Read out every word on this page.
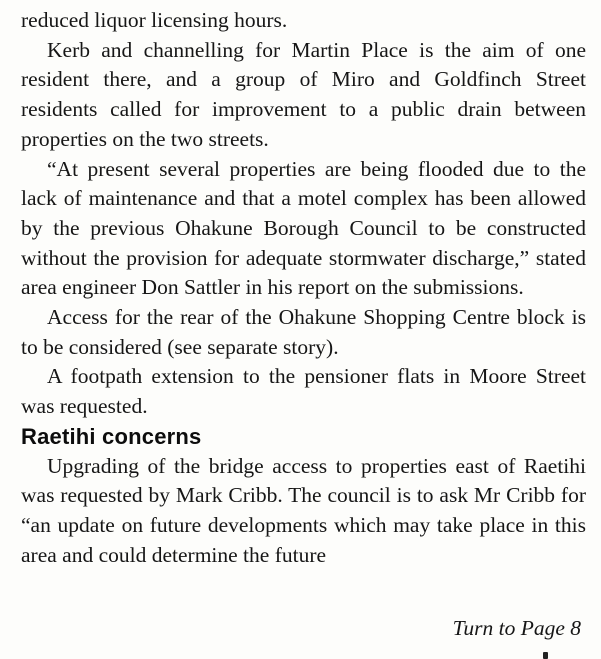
reduced liquor licensing hours.

Kerb and channelling for Martin Place is the aim of one resident there, and a group of Miro and Goldfinch Street residents called for improvement to a public drain between properties on the two streets.

“At present several properties are being flooded due to the lack of maintenance and that a motel complex has been allowed by the previous Ohakune Borough Council to be constructed without the provision for adequate stormwater discharge,” stated area engineer Don Sattler in his report on the submissions.

Access for the rear of the Ohakune Shopping Centre block is to be considered (see separate story).

A footpath extension to the pensioner flats in Moore Street was requested.

Raetihi concerns

Upgrading of the bridge access to properties east of Raetihi was requested by Mark Cribb. The council is to ask Mr Cribb for “an update on future developments which may take place in this area and could determine the future

Turn to Page 8
